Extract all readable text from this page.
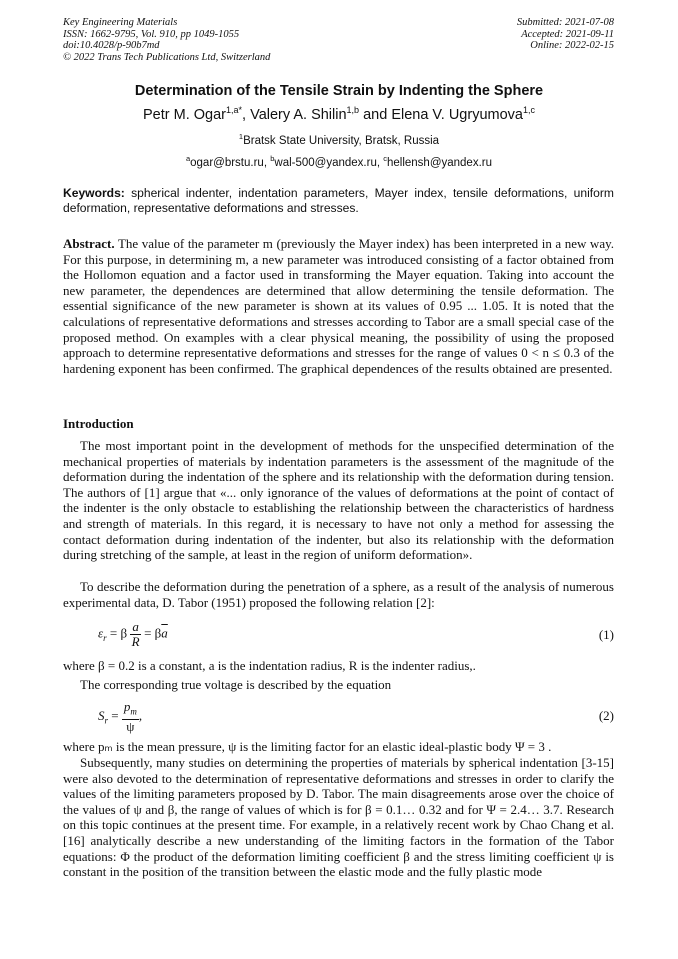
Key Engineering Materials
ISSN: 1662-9795, Vol. 910, pp 1049-1055
doi:10.4028/p-90b7md
© 2022 Trans Tech Publications Ltd, Switzerland
Submitted: 2021-07-08
Accepted: 2021-09-11
Online: 2022-02-15
Determination of the Tensile Strain by Indenting the Sphere
Petr M. Ogar$^{1,a*}$, Valery A. Shilin$^{1,b}$ and Elena V. Ugryumova$^{1,c}$
$^1$Bratsk State University, Bratsk, Russia
$^a$ogar@brstu.ru, $^b$wal-500@yandex.ru, $^c$hellensh@yandex.ru
Keywords: spherical indenter, indentation parameters, Mayer index, tensile deformations, uniform deformation, representative deformations and stresses.
Abstract. The value of the parameter m (previously the Mayer index) has been interpreted in a new way. For this purpose, in determining m, a new parameter was introduced consisting of a factor obtained from the Hollomon equation and a factor used in transforming the Mayer equation. Taking into account the new parameter, the dependences are determined that allow determining the tensile deformation. The essential significance of the new parameter is shown at its values of 0.95 ... 1.05. It is noted that the calculations of representative deformations and stresses according to Tabor are a small special case of the proposed method. On examples with a clear physical meaning, the possibility of using the proposed approach to determine representative deformations and stresses for the range of values 0 < n ≤ 0.3 of the hardening exponent has been confirmed. The graphical dependences of the results obtained are presented.
Introduction
The most important point in the development of methods for the unspecified determination of the mechanical properties of materials by indentation parameters is the assessment of the magnitude of the deformation during the indentation of the sphere and its relationship with the deformation during tension. The authors of [1] argue that «... only ignorance of the values of deformations at the point of contact of the indenter is the only obstacle to establishing the relationship between the characteristics of hardness and strength of materials. In this regard, it is necessary to have not only a method for assessing the contact deformation during indentation of the indenter, but also its relationship with the deformation during stretching of the sample, at least in the region of uniform deformation».
To describe the deformation during the penetration of a sphere, as a result of the analysis of numerous experimental data, D. Tabor (1951) proposed the following relation [2]:
$\varepsilon_r = \beta \frac{a}{R} = \beta\overline{a}$	(1)
where β = 0.2 is a constant, a is the indentation radius, R is the indenter radius,.
The corresponding true voltage is described by the equation
$S_r = \frac{p_m}{\psi}$ ,	(2)
where pₘ is the mean pressure, ψ is the limiting factor for an elastic ideal-plastic body Ψ = 3 .
Subsequently, many studies on determining the properties of materials by spherical indentation [3-15] were also devoted to the determination of representative deformations and stresses in order to clarify the values of the limiting parameters proposed by D. Tabor. The main disagreements arose over the choice of the values of ψ and β, the range of values of which is for β = 0.1… 0.32 and for Ψ = 2.4… 3.7. Research on this topic continues at the present time. For example, in a relatively recent work by Chao Chang et al. [16] analytically describe a new understanding of the limiting factors in the formation of the Tabor equations: Φ the product of the deformation limiting coefficient β and the stress limiting coefficient ψ is constant in the position of the transition between the elastic mode and the fully plastic mode
